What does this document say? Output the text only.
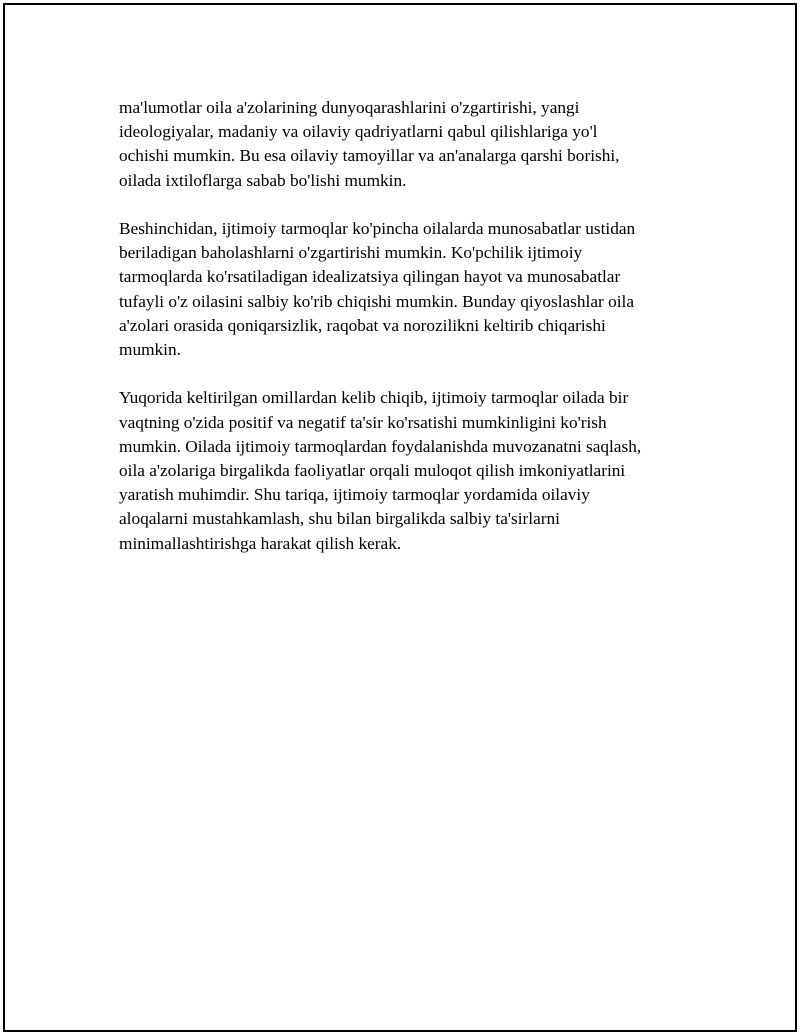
ma'lumotlar oila a'zolarining dunyoqarashlarini o'zgartirishi, yangi
ideologiyalar, madaniy va oilaviy qadriyatlarni qabul qilishlariga yo'l
ochishi mumkin. Bu esa oilaviy tamoyillar va an'analarga qarshi borishi,
oilada ixtiloflarga sabab bo'lishi mumkin.

Beshinchidan, ijtimoiy tarmoqlar ko'pincha oilalarda munosabatlar ustidan
beriladigan baholashlarni o'zgartirishi mumkin. Ko'pchilik ijtimoiy
tarmoqlarda ko'rsatiladigan idealizatsiya qilingan hayot va munosabatlar
tufayli o'z oilasini salbiy ko'rib chiqishi mumkin. Bunday qiyoslashlar oila
a'zolari orasida qoniqarsizlik, raqobat va norozilikni keltirib chiqarishi
mumkin.

Yuqorida keltirilgan omillardan kelib chiqib, ijtimoiy tarmoqlar oilada bir
vaqtning o'zida positif va negatif ta'sir ko'rsatishi mumkinligini ko'rish
mumkin. Oilada ijtimoiy tarmoqlardan foydalanishda muvozanatni saqlash,
oila a'zolariga birgalikda faoliyatlar orqali muloqot qilish imkoniyatlarini
yaratish muhimdir. Shu tariqa, ijtimoiy tarmoqlar yordamida oilaviy
aloqalarni mustahkamlash, shu bilan birgalikda salbiy ta'sirlarni
minimallashtirishga harakat qilish kerak.
